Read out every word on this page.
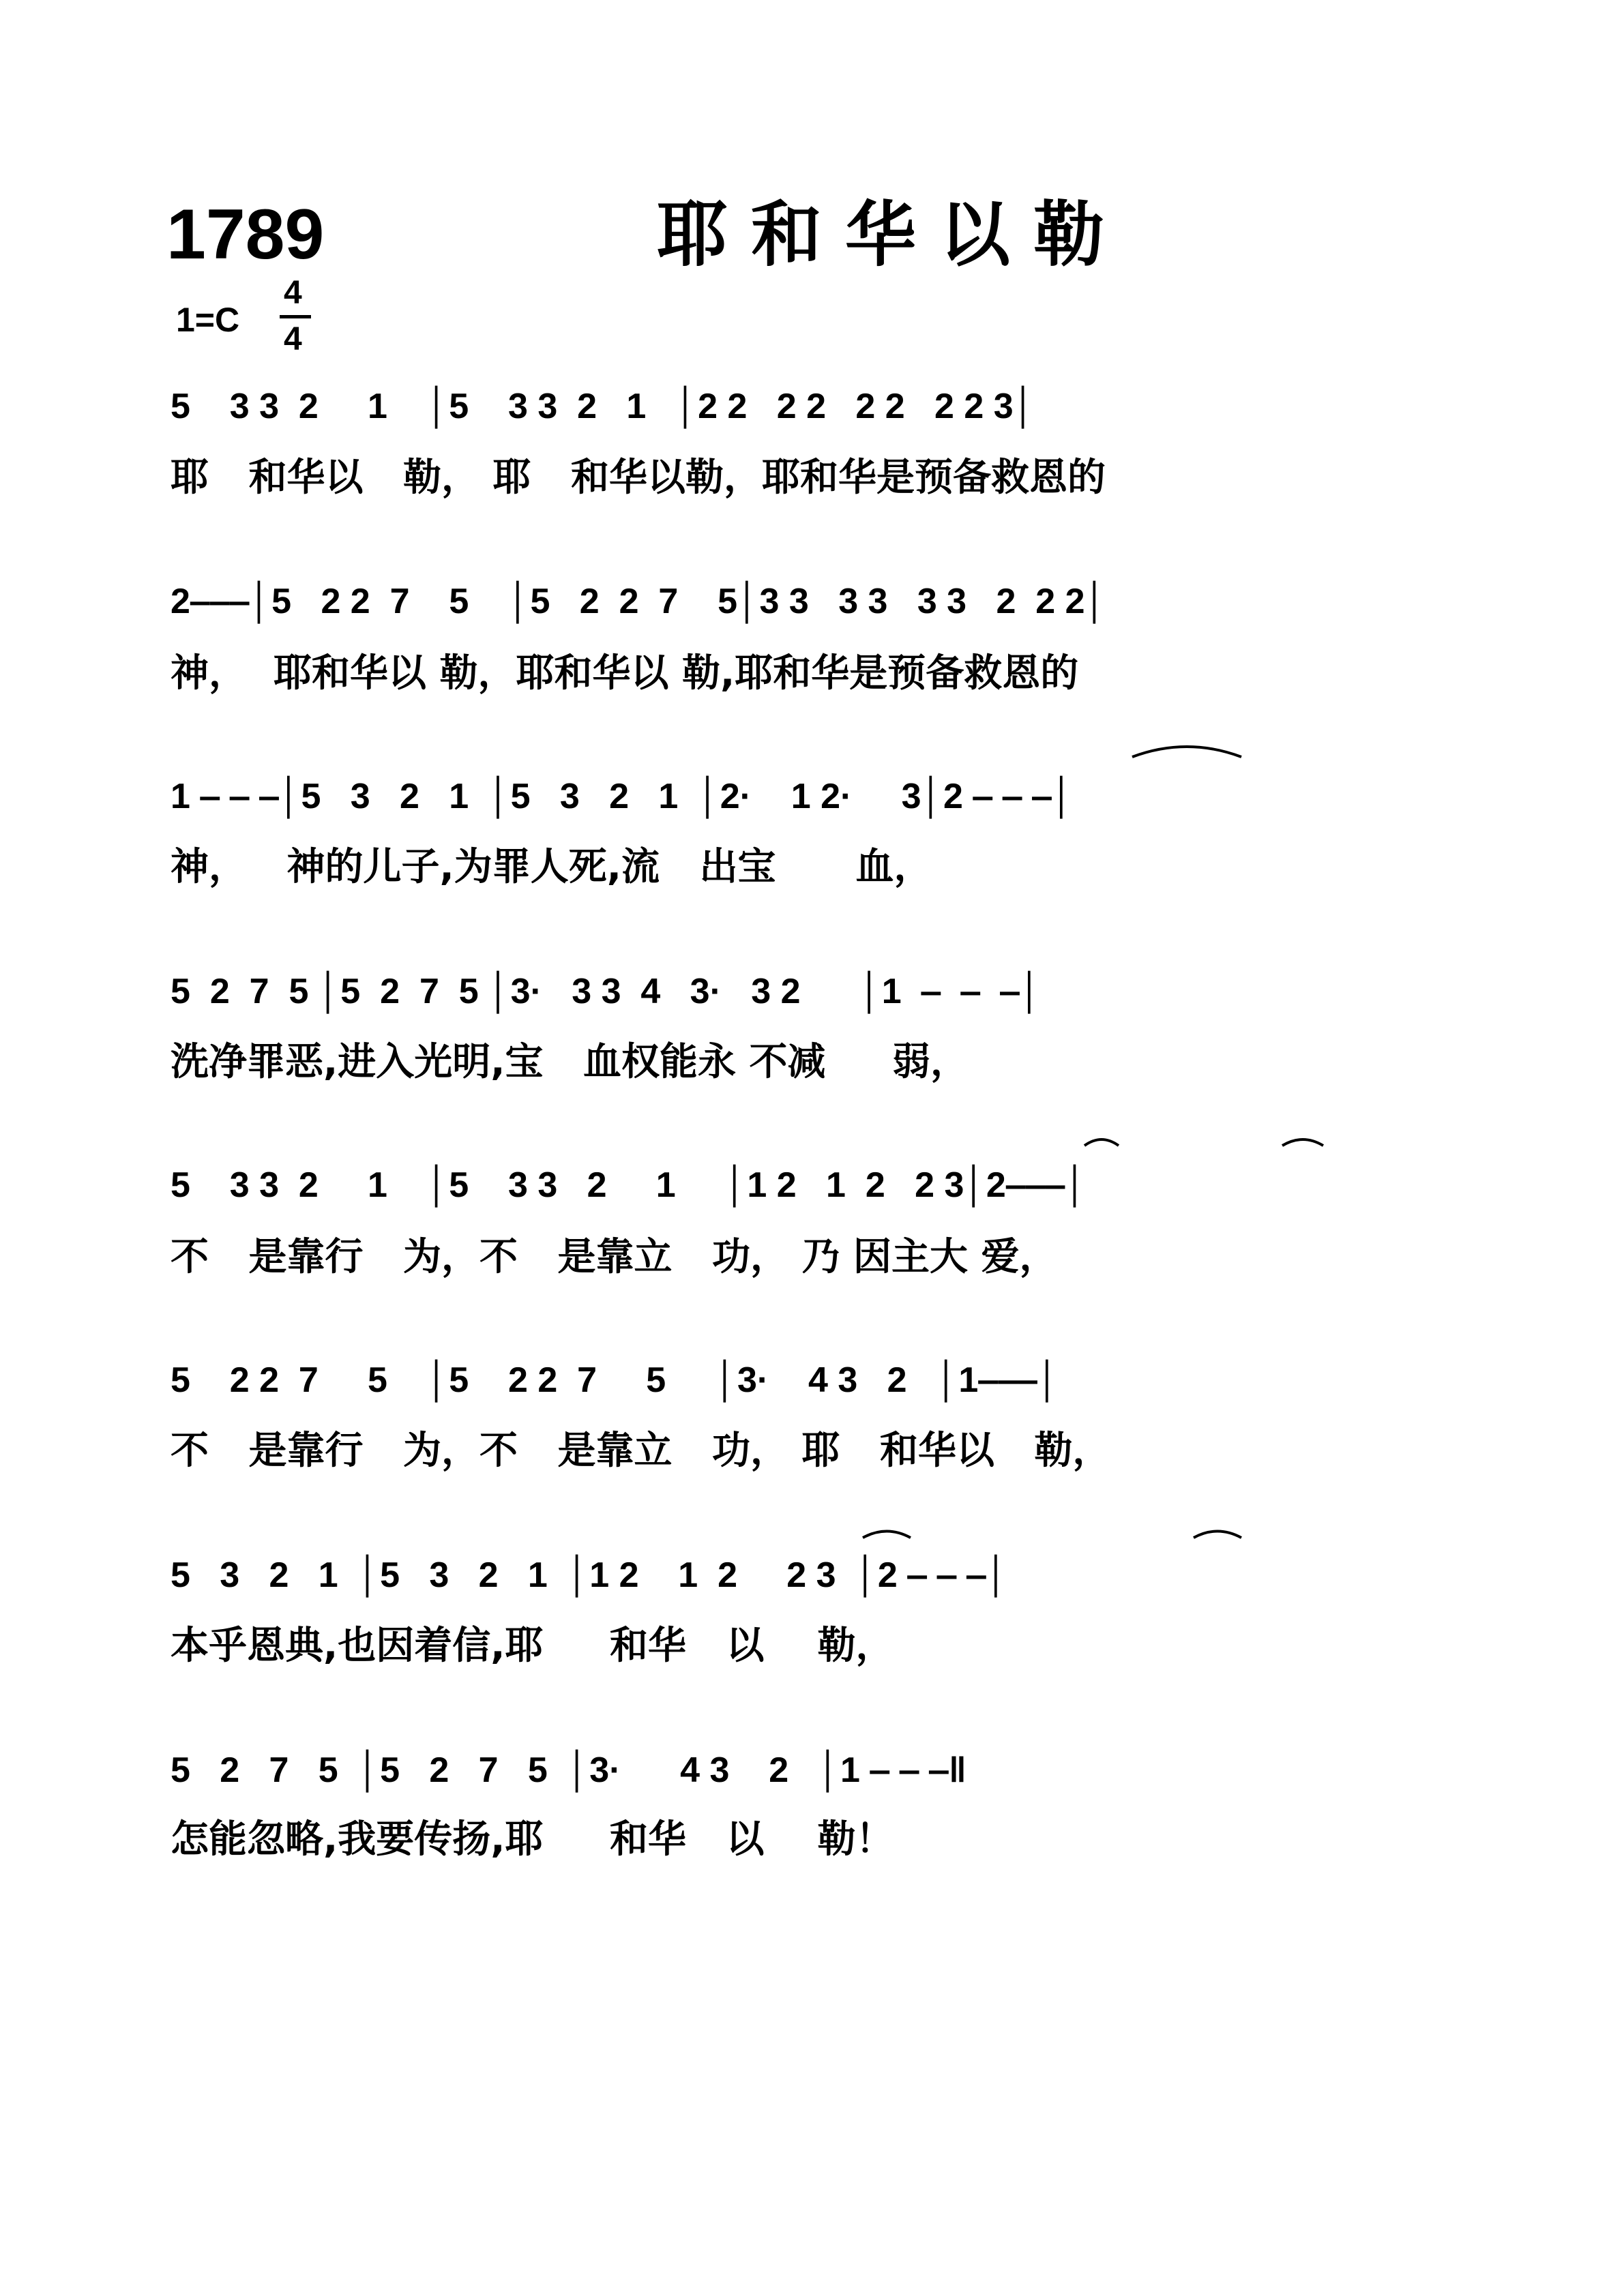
1789	耶和华以勒
1=C
4
4
5    3 3  2     1    │5    3 3  2   1   │2 2   2 2   2 2   2 2 3│
耶   和华以   勒， 耶   和华以勒，耶和华是预备救恩的
2‒‒‒│5   2 2  7    5    │5   2  2  7    5│3 3   3 3   3 3   2  2 2│
神，  耶和华以 勒，耶和华以 勒,耶和华是预备救恩的
1 ‒ ‒ ‒│5   3   2   1  │5   3   2   1  │2·    1 2·     3│2 ‒ ‒ ‒│
神，   神的儿子,为罪人死,流   出宝      血，
5  2  7  5 │5  2  7  5 │3·   3 3  4   3·   3 2      │1  ‒  ‒  ‒│
洗净罪恶,进入光明,宝   血权能永 不减     弱，
5    3 3  2     1    │5    3 3   2     1     │1 2   1  2   2 3│2‒‒‒│
不   是靠行   为，不   是靠立   功， 乃 因主大 爱，
5    2 2  7     5    │5    2 2  7     5     │3·    4 3   2   │1‒‒‒│
不   是靠行   为，不   是靠立   功， 耶   和华以   勒，
5   3   2   1  │5   3   2   1  │1 2    1  2     2 3  │2 ‒ ‒ ‒│
本乎恩典,也因着信,耶     和华   以    勒，
5   2   7   5  │5   2   7   5  │3·      4 3    2   │1 ‒ ‒ ‒‖
怎能忽略,我要传扬,耶     和华   以    勒！
